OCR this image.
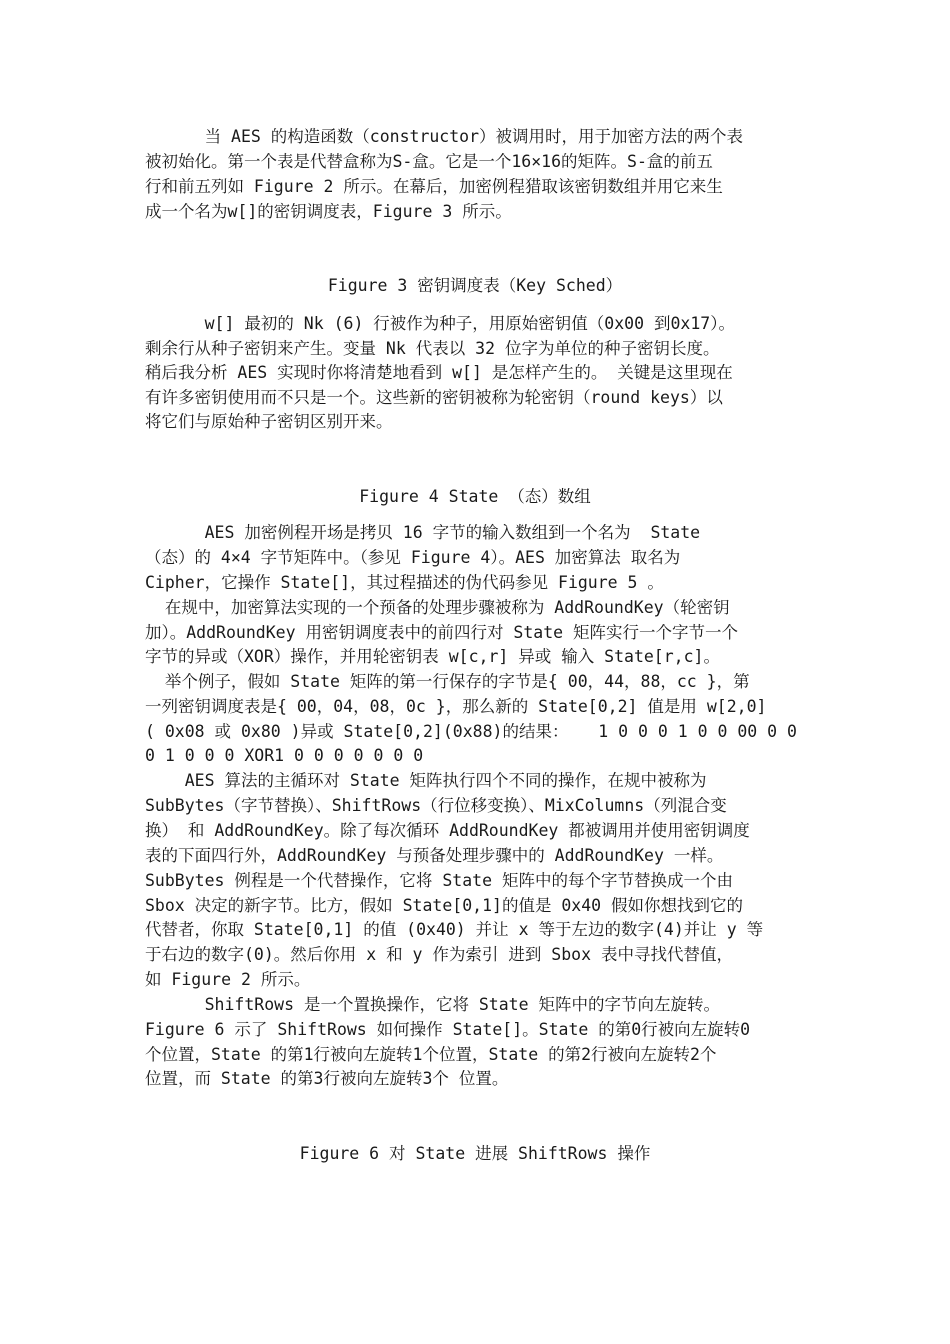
当 AES 的构造函数（constructor）被调用时，用于加密方法的两个表
被初始化。第一个表是代替盒称为S-盒。它是一个16×16的矩阵。S-盒的前五
行和前五列如 Figure 2 所示。在幕后，加密例程猎取该密钥数组并用它来生
成一个名为w[]的密钥调度表，Figure 3 所示。
Figure 3 密钥调度表（Key Sched）
w[] 最初的 Nk (6) 行被作为种子，用原始密钥值（0x00 到0x17）。
剩余行从种子密钥来产生。变量 Nk 代表以 32 位字为单位的种子密钥长度。
稍后我分析 AES 实现时你将清楚地看到 w[] 是怎样产生的。 关键是这里现在
有许多密钥使用而不只是一个。这些新的密钥被称为轮密钥（round keys）以
将它们与原始种子密钥区别开来。
Figure 4 State （态）数组
AES 加密例程开场是拷贝 16 字节的输入数组到一个名为  State
（态）的 4×4 字节矩阵中。（参见 Figure 4）。AES 加密算法 取名为
Cipher，它操作 State[]，其过程描述的伪代码参见 Figure 5 。
在规中，加密算法实现的一个预备的处理步骤被称为 AddRoundKey（轮密钥
加）。AddRoundKey 用密钥调度表中的前四行对 State 矩阵实行一个字节一个
字节的异或（XOR）操作，并用轮密钥表 w[c,r] 异或 输入 State[r,c]。
举个例子，假如 State 矩阵的第一行保存的字节是{ 00，44，88，cc }，第
一列密钥调度表是{ 00，04，08，0c }，那么新的 State[0,2] 值是用 w[2,0]
( 0x08 或 0x80 )异或 State[0,2](0x88)的结果：   1 0 0 0 1 0 0 00 0 0
0 1 0 0 0 XOR1 0 0 0 0 0 0 0
AES 算法的主循环对 State 矩阵执行四个不同的操作，在规中被称为
SubBytes（字节替换）、ShiftRows（行位移变换）、MixColumns（列混合变
换） 和 AddRoundKey。除了每次循环 AddRoundKey 都被调用并使用密钥调度
表的下面四行外，AddRoundKey 与预备处理步骤中的 AddRoundKey 一样。
SubBytes 例程是一个代替操作，它将 State 矩阵中的每个字节替换成一个由
Sbox 决定的新字节。比方，假如 State[0,1]的值是 0x40 假如你想找到它的
代替者，你取 State[0,1] 的值 (0x40) 并让 x 等于左边的数字(4)并让 y 等
于右边的数字(0)。然后你用 x 和 y 作为索引 进到 Sbox 表中寻找代替值，
如 Figure 2 所示。
ShiftRows 是一个置换操作，它将 State 矩阵中的字节向左旋转。
Figure 6 示了 ShiftRows 如何操作 State[]。State 的第0行被向左旋转0
个位置，State 的第1行被向左旋转1个位置，State 的第2行被向左旋转2个
位置，而 State 的第3行被向左旋转3个 位置。
Figure 6 对 State 进展 ShiftRows 操作
